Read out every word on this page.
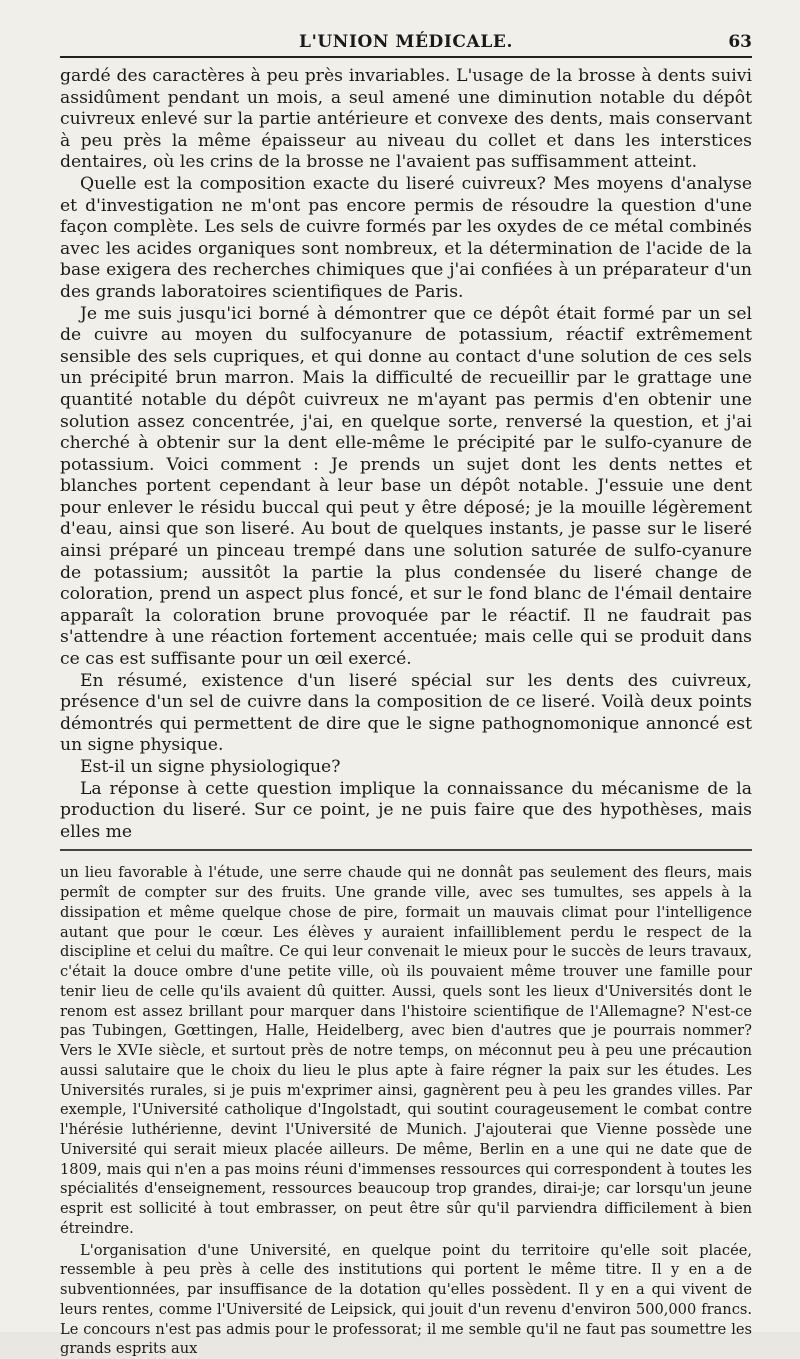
L'UNION MÉDICALE.	63

gardé des caractères à peu près invariables. L'usage de la brosse à dents suivi assidûment pendant un mois, a seul amené une diminution notable du dépôt cuivreux enlevé sur la partie antérieure et convexe des dents, mais conservant à peu près la même épaisseur au niveau du collet et dans les interstices dentaires, où les crins de la brosse ne l'avaient pas suffisamment atteint.

Quelle est la composition exacte du liseré cuivreux? Mes moyens d'analyse et d'investigation ne m'ont pas encore permis de résoudre la question d'une façon complète. Les sels de cuivre formés par les oxydes de ce métal combinés avec les acides organiques sont nombreux, et la détermination de l'acide de la base exigera des recherches chimiques que j'ai confiées à un préparateur d'un des grands laboratoires scientifiques de Paris.

Je me suis jusqu'ici borné à démontrer que ce dépôt était formé par un sel de cuivre au moyen du sulfocyanure de potassium, réactif extrêmement sensible des sels cupriques, et qui donne au contact d'une solution de ces sels un précipité brun marron. Mais la difficulté de recueillir par le grattage une quantité notable du dépôt cuivreux ne m'ayant pas permis d'en obtenir une solution assez concentrée, j'ai, en quelque sorte, renversé la question, et j'ai cherché à obtenir sur la dent elle-même le précipité par le sulfo-cyanure de potassium. Voici comment : Je prends un sujet dont les dents nettes et blanches portent cependant à leur base un dépôt notable. J'essuie une dent pour enlever le résidu buccal qui peut y être déposé; je la mouille légèrement d'eau, ainsi que son liseré. Au bout de quelques instants, je passe sur le liseré ainsi préparé un pinceau trempé dans une solution saturée de sulfo-cyanure de potassium; aussitôt la partie la plus condensée du liseré change de coloration, prend un aspect plus foncé, et sur le fond blanc de l'émail dentaire apparaît la coloration brune provoquée par le réactif. Il ne faudrait pas s'attendre à une réaction fortement accentuée; mais celle qui se produit dans ce cas est suffisante pour un œil exercé.

En résumé, existence d'un liseré spécial sur les dents des cuivreux, présence d'un sel de cuivre dans la composition de ce liseré. Voilà deux points démontrés qui permettent de dire que le signe pathognomonique annoncé est un signe physique.

Est-il un signe physiologique?

La réponse à cette question implique la connaissance du mécanisme de la production du liseré. Sur ce point, je ne puis faire que des hypothèses, mais elles me

un lieu favorable à l'étude, une serre chaude qui ne donnât pas seulement des fleurs, mais permît de compter sur des fruits. Une grande ville, avec ses tumultes, ses appels à la dissipation et même quelque chose de pire, formait un mauvais climat pour l'intelligence autant que pour le cœur. Les élèves y auraient infailliblement perdu le respect de la discipline et celui du maître. Ce qui leur convenait le mieux pour le succès de leurs travaux, c'était la douce ombre d'une petite ville, où ils pouvaient même trouver une famille pour tenir lieu de celle qu'ils avaient dû quitter. Aussi, quels sont les lieux d'Universités dont le renom est assez brillant pour marquer dans l'histoire scientifique de l'Allemagne? N'est-ce pas Tubingen, Gœttingen, Halle, Heidelberg, avec bien d'autres que je pourrais nommer? Vers le XVIe siècle, et surtout près de notre temps, on méconnut peu à peu une précaution aussi salutaire que le choix du lieu le plus apte à faire régner la paix sur les études. Les Universités rurales, si je puis m'exprimer ainsi, gagnèrent peu à peu les grandes villes. Par exemple, l'Université catholique d'Ingolstadt, qui soutint courageusement le combat contre l'hérésie luthérienne, devint l'Université de Munich. J'ajouterai que Vienne possède une Université qui serait mieux placée ailleurs. De même, Berlin en a une qui ne date que de 1809, mais qui n'en a pas moins réuni d'immenses ressources qui correspondent à toutes les spécialités d'enseignement, ressources beaucoup trop grandes, dirai-je; car lorsqu'un jeune esprit est sollicité à tout embrasser, on peut être sûr qu'il parviendra difficilement à bien étreindre.

L'organisation d'une Université, en quelque point du territoire qu'elle soit placée, ressemble à peu près à celle des institutions qui portent le même titre. Il y en a de subventionnées, par insuffisance de la dotation qu'elles possèdent. Il y en a qui vivent de leurs rentes, comme l'Université de Leipsick, qui jouit d'un revenu d'environ 500,000 francs. Le concours n'est pas admis pour le professorat; il me semble qu'il ne faut pas soumettre les grands esprits aux
